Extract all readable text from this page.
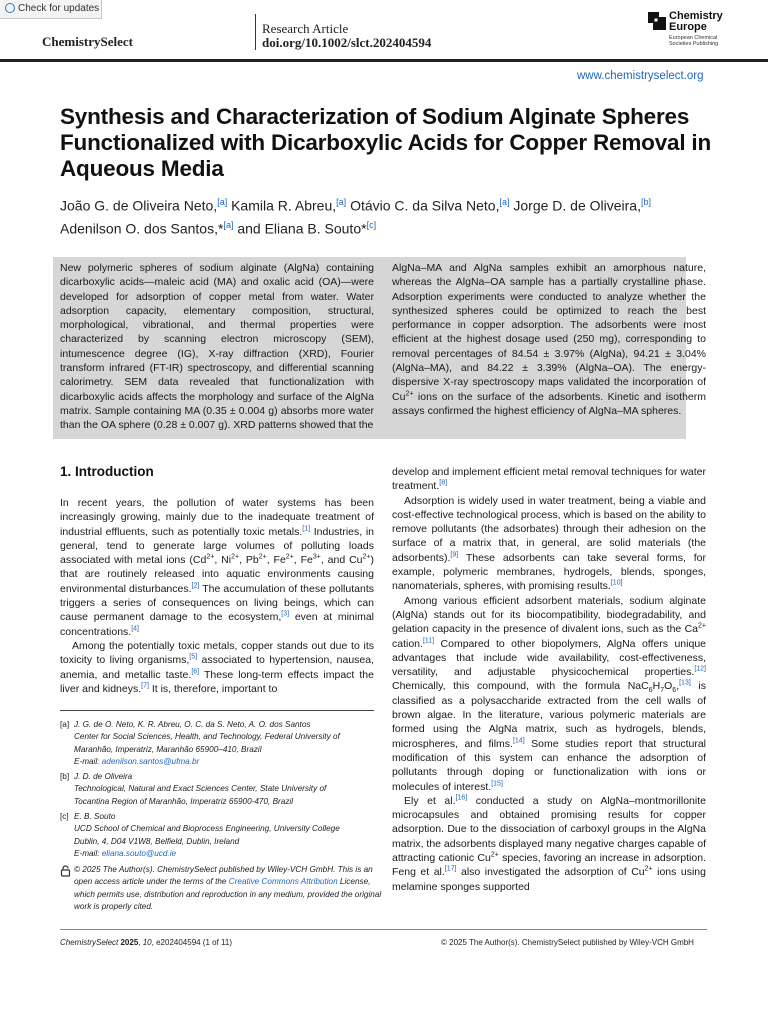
Check for updates
ChemistrySelect
Research Article
doi.org/10.1002/slct.202404594
Chemistry Europe
European Chemical Societies Publishing
www.chemistryselect.org
Synthesis and Characterization of Sodium Alginate Spheres Functionalized with Dicarboxylic Acids for Copper Removal in Aqueous Media
João G. de Oliveira Neto,[a] Kamila R. Abreu,[a] Otávio C. da Silva Neto,[a] Jorge D. de Oliveira,[b]
Adenilson O. dos Santos,*[a] and Eliana B. Souto*[c]

New polymeric spheres of sodium alginate (AlgNa) containing dicarboxylic acids—maleic acid (MA) and oxalic acid (OA)—were developed for adsorption of copper metal from water. Water adsorption capacity, elementary composition, structural, morphological, vibrational, and thermal properties were characterized by scanning electron microscopy (SEM), intumescence degree (IG), X-ray diffraction (XRD), Fourier transform infrared (FT-IR) spectroscopy, and differential scanning calorimetry. SEM data revealed that functionalization with dicarboxylic acids affects the morphology and surface of the AlgNa matrix. Sample containing MA (0.35 ± 0.004 g) absorbs more water than the OA sphere (0.28 ± 0.007 g). XRD patterns showed that the

AlgNa–MA and AlgNa samples exhibit an amorphous nature, whereas the AlgNa–OA sample has a partially crystalline phase. Adsorption experiments were conducted to analyze whether the synthesized spheres could be optimized to reach the best performance in copper adsorption. The adsorbents were most efficient at the highest dosage used (250 mg), corresponding to removal percentages of 84.54 ± 3.97% (AlgNa), 94.21 ± 3.04% (AlgNa–MA), and 84.22 ± 3.39% (AlgNa–OA). The energy-dispersive X-ray spectroscopy maps validated the incorporation of $Cu^{2+}$ ions on the surface of the adsorbents. Kinetic and isotherm assays confirmed the highest efficiency of AlgNa–MA spheres.

1. Introduction

In recent years, the pollution of water systems has been increasingly growing, mainly due to the inadequate treatment of industrial effluents, such as potentially toxic metals.[1] Industries, in general, tend to generate large volumes of polluting loads associated with metal ions ($Cd^{2+}$, $Ni^{2+}$, $Pb^{2+}$, $Fe^{2+}$, $Fe^{3+}$, and $Cu^{2+}$) that are routinely released into aquatic environments causing environmental disturbances.[2] The accumulation of these pollutants triggers a series of consequences on living beings, which can cause permanent damage to the ecosystem,[3] even at minimal concentrations.[4]

Among the potentially toxic metals, copper stands out due to its toxicity to living organisms,[5] associated to hypertension, nausea, anemia, and metallic taste.[6] These long-term effects impact the liver and kidneys.[7] It is, therefore, important to

[a] J. G. de O. Neto, K. R. Abreu, O. C. da S. Neto, A. O. dos Santos
Center for Social Sciences, Health, and Technology, Federal University of
Maranhão, Imperatriz, Maranhão 65900–410, Brazil
E-mail: adenilson.santos@ufma.br
[b] J. D. de Oliveira
Technological, Natural and Exact Sciences Center, State University of
Tocantina Region of Maranhão, Imperatriz 65900-470, Brazil
[c] E. B. Souto
UCD School of Chemical and Bioprocess Engineering, University College
Dublin, 4, D04 V1W8, Belfield, Dublin, Ireland
E-mail: eliana.souto@ucd.ie
© 2025 The Author(s). ChemistrySelect published by Wiley-VCH GmbH. This is an open access article under the terms of the Creative Commons Attribution License, which permits use, distribution and reproduction in any medium, provided the original work is properly cited.

develop and implement efficient metal removal techniques for water treatment.[8]

Adsorption is widely used in water treatment, being a viable and cost-effective technological process, which is based on the ability to remove pollutants (the adsorbates) through their adhesion on the surface of a matrix that, in general, are solid materials (the adsorbents).[9] These adsorbents can take several forms, for example, polymeric membranes, hydrogels, blends, sponges, nanomaterials, spheres, with promising results.[10]

Among various efficient adsorbent materials, sodium alginate (AlgNa) stands out for its biocompatibility, biodegradability, and gelation capacity in the presence of divalent ions, such as the $Ca^{2+}$ cation.[11] Compared to other biopolymers, AlgNa offers unique advantages that include wide availability, cost-effectiveness, versatility, and adjustable physicochemical properties.[12] Chemically, this compound, with the formula $NaC_6H_7O_6,[13]$ is classified as a polysaccharide extracted from the cell walls of brown algae. In the literature, various polymeric materials are formed using the AlgNa matrix, such as hydrogels, blends, microspheres, and films.[14] Some studies report that structural modification of this system can enhance the adsorption of pollutants through doping or functionalization with ions or molecules of interest.[15]

Ely et al.[16] conducted a study on AlgNa–montmorillonite microcapsules and obtained promising results for copper adsorption. Due to the dissociation of carboxyl groups in the AlgNa matrix, the adsorbents displayed many negative charges capable of attracting cationic $Cu^{2+}$ species, favoring an increase in adsorption. Feng et al.[17] also investigated the adsorption of $Cu^{2+}$ ions using melamine sponges supported

ChemistrySelect 2025, 10, e202404594 (1 of 11)	© 2025 The Author(s). ChemistrySelect published by Wiley-VCH GmbH
